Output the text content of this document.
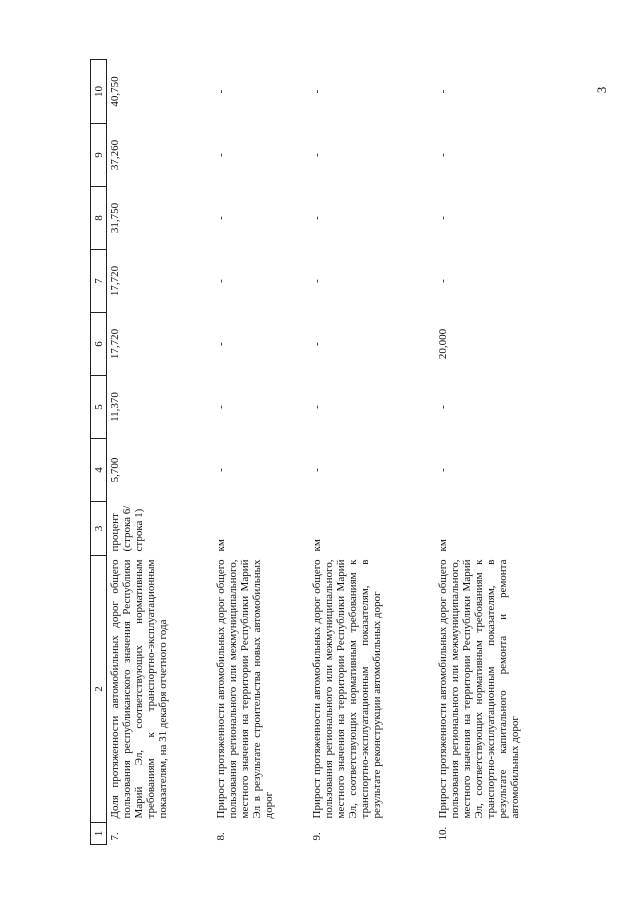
3
1	2	3	4	5	6	7	8	9	10
7.	Доля протяженности автомобильных дорог общего пользования республиканского значения Республики Марий Эл, соответствующих нормативным требованиям к транспортно-эксплуатационным показателям, на 31 декабря отчетного года	процент (строка 6/ строка 1)	5,700	11,370	17,720	17,720	31,750	37,260	40,750
8.	Прирост протяженности автомобильных дорог общего пользования регионального или межмуниципального, местного значения на территории Республики Марий Эл в результате строительства новых автомобильных дорог	км	-	-	-	-	-	-	-
9.	Прирост протяженности автомобильных дорог общего пользования регионального или межмуниципального, местного значения на территории Республики Марий Эл, соответствующих нормативным требованиям к транспортно-эксплуатационным показателям, в результате реконструкции автомобильных дорог	км	-	-	-	-	-	-	-
10.	Прирост протяженности автомобильных дорог общего пользования регионального или межмуниципального, местного значения на территории Республики Марий Эл, соответствующих нормативным требованиям к транспортно-эксплуатационным показателям, в результате капитального ремонта и ремонта автомобильных дорог	км	-	-	20,000	-	-	-	-
